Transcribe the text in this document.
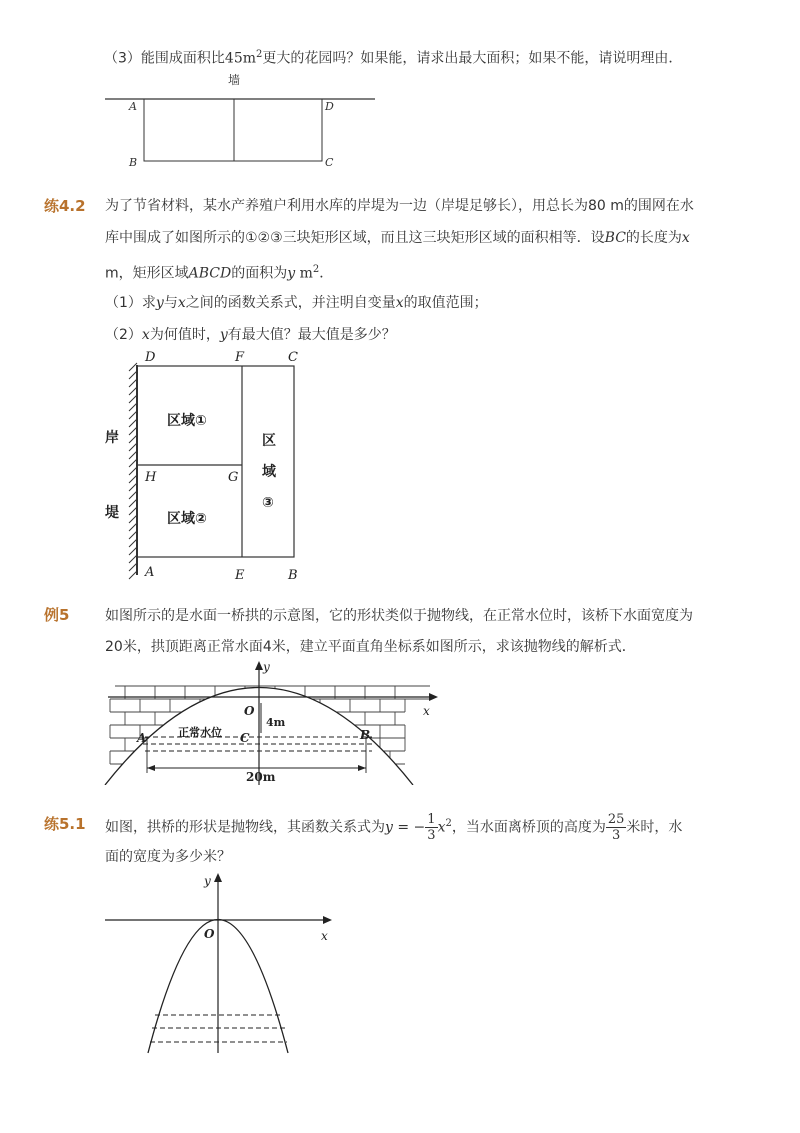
（3）能围成面积比$45m^2$更大的花园吗？如果能，请求出最大面积；如果不能，请说明理由．
墙
A
B	C
D
练4.2 为了节省材料，某水产养殖户利用水库的岸堤为一边（岸堤足够长），用总长为80 m的围网在水
库中围成了如图所示的①②③三块矩形区域，而且这三块矩形区域的面积相等．设BC的长度为x
m，矩形区域ABCD的面积为y $m^2$．
（1）求y与x之间的函数关系式，并注明自变量x的取值范围；
（2）x为何值时，y有最大值？最大值是多少？
D	F	C
H	G
A	E	B
岸
堤
区域①
区域②
区
域
③
例5	如图所示的是水面一桥拱的示意图，它的形状类似于抛物线，在正常水位时，该桥下水面宽度为
20米，拱顶距离正常水面4米，建立平面直角坐标系如图所示，求该抛物线的解析式．
y
x
O
4m
正常水位
A	C	B
20m
练5.1 如图，拱桥的形状是抛物线，其函数关系式为y = − $\frac{1}{3} x^2$，当水面离桥顶的高度为 $\frac{25}{3}$ 米时，水
面的宽度为多少米？
y
x
O
